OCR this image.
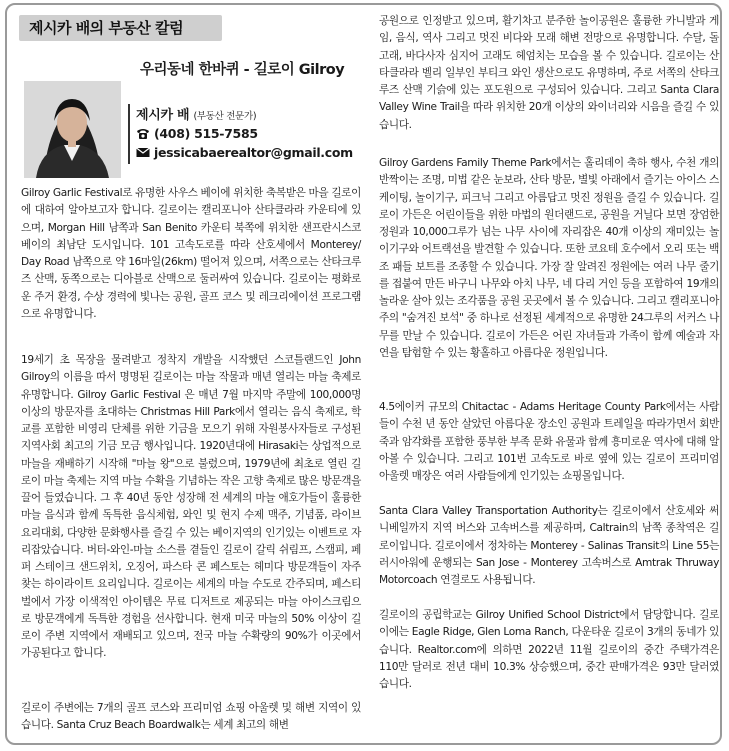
제시카 배의 부동산 칼럼
우리동네 한바퀴 - 길로이 Gilroy
제시카 배 (부동산 전문가)
(408) 515-7585
jessicabaerealtor@gmail.com

Gilroy Garlic Festival로 유명한 사우스 베이에 위치한 축복받은 마을 길로이에 대하여 알아보고자 합니다. 길로이는 캘리포니아 산타클라라 카운티에 있으며, Morgan Hill 남쪽과 San Benito 카운티 북쪽에 위치한 샌프란시스코 베이의 최남단 도시입니다. 101 고속도로를 따라 산호세에서 Monterey/ Day Road 남쪽으로 약 16마일(26km) 떨어져 있으며, 서쪽으로는 산타크루즈 산맥, 동쪽으로는 디아블로 산맥으로 둘러싸여 있습니다. 길로이는 평화로운 주거 환경, 수상 경력에 빛나는 공원, 골프 코스 및 레크리에이션 프로그램으로 유명합니다.

19세기 초 목장을 물려받고 정착지 개발을 시작했던 스코틀랜드인 John Gilroy의 이름을 따서 명명된 길로이는 마늘 작물과 매년 열리는 마늘 축제로 유명합니다. Gilroy Garlic Festival 은 매년 7월 마지막 주말에 100,000명 이상의 방문자를 초대하는 Christmas Hill Park에서 열리는 음식 축제로, 학교를 포함한 비영리 단체를 위한 기금을 모으기 위해 자원봉사자들로 구성된 지역사회 최고의 기금 모금 행사입니다. 1920년대에 Hirasaki는 상업적으로 마늘을 재배하기 시작해 "마늘 왕"으로 불렸으며, 1979년에 최초로 열린 길로이 마늘 축제는 지역 마늘 수확을 기념하는 작은 고향 축제로 많은 방문객을 끌어 들였습니다. 그 후 40년 동안 성장해 전 세계의 마늘 애호가들이 훌륭한 마늘 음식과 함께 독특한 음식체험, 와인 및 현지 수제 맥주, 기념품, 라이브 요리대회, 다양한 문화행사를 즐길 수 있는 베이지역의 인기있는 이벤트로 자리잡았습니다. 버터-와인-마늘 소스를 곁들인 길로이 갈릭 쉬림프, 스캠피, 페퍼 스테이크 샌드위치, 오징어, 파스타 콘 페스토는 헤미다 방문객들이 자주 찾는 하이라이트 요리입니다. 길로이는 세계의 마늘 수도로 간주되며, 페스티벌에서 가장 이색적인 아이템은 무료 디저트로 제공되는 마늘 아이스크림으로 방문객에게 독특한 경험을 선사합니다. 현재 미국 마늘의 50% 이상이 길로이 주변 지역에서 재배되고 있으며, 전국 마늘 수확량의 90%가 이곳에서 가공된다고 합니다.

길로이 주변에는 7개의 골프 코스와 프리미엄 쇼핑 아울렛 및 해변 지역이 있습니다. Santa Cruz Beach Boardwalk는 세계 최고의 해변

공원으로 인정받고 있으며, 활기차고 분주한 놀이공원은 훌륭한 카니발과 게임, 음식, 역사 그리고 멋진 비다와 모래 해변 전망으로 유명합니다. 수달, 돌고래, 바다사자 심지어 고래도 헤엄치는 모습을 볼 수 있습니다. 길로이는 산타클라라 벨리 일부인 부티크 와인 생산으로도 유명하며, 주로 서쪽의 산타크루즈 산맥 기슭에 있는 포도원으로 구성되어 있습니다. 그리고 Santa Clara Valley Wine Trail을 따라 위치한 20개 이상의 와이너리와 시음을 즐길 수 있습니다.

Gilroy Gardens Family Theme Park에서는 홀리데이 축하 행사, 수천 개의 반짝이는 조명, 미법 같은 눈보라, 산타 방문, 별빛 아래에서 즐기는 아이스 스케이팅, 놀이기구, 피크닉 그리고 아름답고 멋진 정원을 즐길 수 있습니다. 길로이 가든은 어린이들을 위한 마법의 원더랜드로, 공원을 거닐다 보면 장엄한 정원과 10,000그루가 넘는 나무 사이에 자리잡은 40개 이상의 재미있는 놀이기구와 어트랙션을 발견할 수 있습니다. 또한 코요테 호수에서 오리 또는 백조 패들 보트를 조종할 수 있습니다. 가장 잘 알려진 정원에는 여러 나무 줄기를 접붙여 만든 바구니 나무와 아치 나무, 네 다리 거인 등을 포함하여 19개의 놀라운 살아 있는 조각품을 공원 곳곳에서 볼 수 있습니다. 그리고 캘리포니아 주의 "숨겨진 보석" 중 하나로 선정된 세계적으로 유명한 24그루의 서커스 나무를 만날 수 있습니다. 길로이 가든은 어린 자녀들과 가족이 함께 예술과 자연을 탐험할 수 있는 황홀하고 아름다운 정원입니다.

4.5에이커 규모의 Chitactac - Adams Heritage County Park에서는 사람들이 수천 년 동안 살았던 아름다운 장소인 공원과 트레일을 따라가면서 회반죽과 암각화를 포함한 풍부한 부족 문화 유물과 함께 흥미로운 역사에 대해 알아볼 수 있습니다. 그리고 101번 고속도로 바로 옆에 있는 길로이 프리미엄 아울렛 매장은 여러 사람들에게 인기있는 쇼핑몰입니다.

Santa Clara Valley Transportation Authority는 길로이에서 산호세와 써니베일까지 지역 버스와 고속버스를 제공하며, Caltrain의 남쪽 종착역은 길로이입니다. 길로이에서 정차하는 Monterey - Salinas Transit의 Line 55는 러시아워에 운행되는 San Jose - Monterey 고속버스로 Amtrak Thruway Motorcoach 연결로도 사용됩니다.

길로이의 공립학교는 Gilroy Unified School District에서 담당합니다. 길로이에는 Eagle Ridge, Glen Loma Ranch, 다운타운 길로이 3개의 동네가 있습니다. Realtor.com에 의하면 2022년 11월 길로이의 중간 주택가격은 110만 달러로 전년 대비 10.3% 상승했으며, 중간 판매가격은 93만 달러였습니다.
